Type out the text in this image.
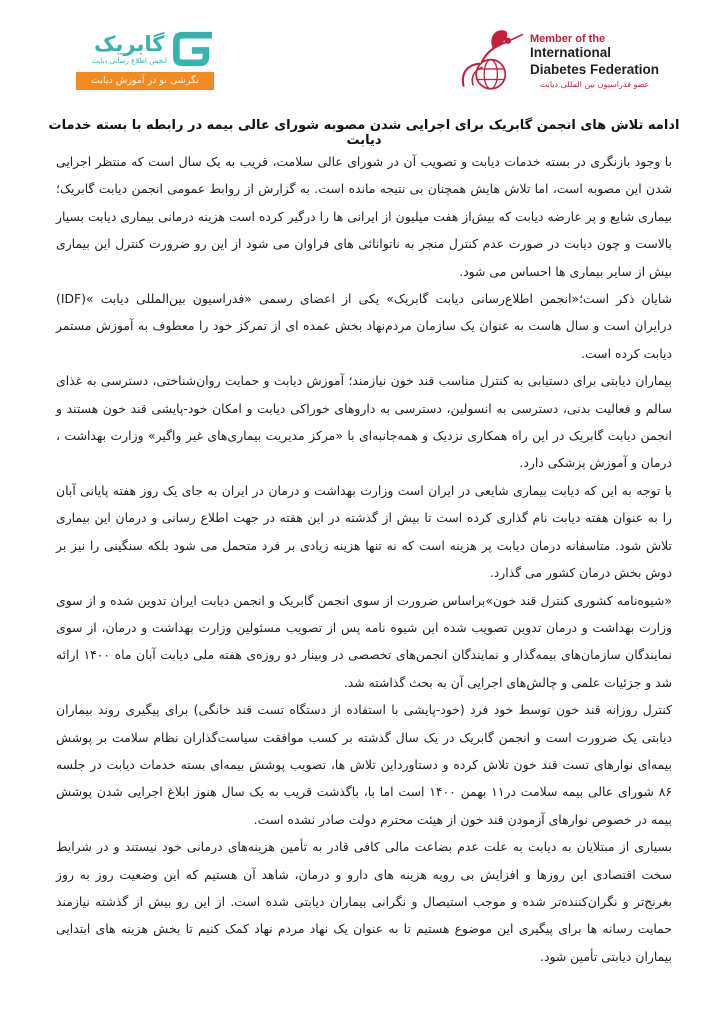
گابریک
انجمن اطلاع رسانی دیابت
نگرشی نو در آموزش دیابت
Member of the
International
Diabetes Federation
عضو فدراسیون بین المللی دیابت
ادامه تلاش های انجمن گابریک برای اجرایی شدن مصوبه شورای عالی بیمه در رابطه با بسته خدمات دیابت

با وجود بازنگری در بسته خدمات دیابت و تصویب آن در شورای عالی سلامت، قریب به یک سال است که منتظر اجرایی شدن این مصوبه است، اما تلاش هایش همچنان بی نتیجه مانده است. به گزارش از روابط عمومی انجمن دیابت گابریک؛ بیماری شایع و پر عارضه دیابت که بیش‌از هفت میلیون از ایرانی ها را درگیر کرده است هزینه درمانی بیماری دیابت بسیار بالاست و چون دیابت در صورت عدم کنترل منجر به ناتوانائی های فراوان می شود از این رو ضرورت کنترل این بیماری بیش از سایر بیماری ها احساس می شود.

شایان ذکر است؛«انجمن اطلاع‌رسانی دیابت گابریک» یکی از اعضای رسمی «فدراسیون بین‌المللی دیابت »(IDF) درایران است و سال هاست به عنوان یک سازمان مردم‌نهاد بخش عمده ای از تمرکز خود را معطوف به آموزش مستمر دیابت کرده است.

بیماران دیابتی برای دستیابی به کنترل مناسب قند خون نیازمند؛ آموزش دیابت و حمایت روان‌شناختی، دسترسی به غذای سالم و فعالیت بدنی، دسترسی به انسولین، دسترسی به داروهای خوراکی دیابت و امکان خود-پایشی قند خون هستند و انجمن دیابت گابریک در این راه همکاری نزدیک و همه‌جانبه‌ای با «مرکز مدیریت بیماری‌های غیر واگیر» وزارت بهداشت ، درمان و آموزش پزشکی دارد.

با توجه به این که دیابت بیماری شایعی در ایران است وزارت بهداشت و درمان در ایران به جای یک روز هفته پایانی آبان را به عنوان هفته دیابت نام گذاری کرده است تا بیش از گذشته در این هفته در جهت اطلاع رسانی و درمان این بیماری تلاش شود. متاسفانه درمان دیابت پر هزینه است که نه تنها هزینه زیادی بر فرد متحمل می شود بلکه سنگینی را نیز بر دوش بخش درمان کشور می گذارد.

«شیوه‌نامه کشوری کنترل قند خون»براساس ضرورت از سوی انجمن گابریک و انجمن دیابت ایران تدوین شده و از سوی وزارت بهداشت و درمان تدوین تصویب شده این شیوه نامه پس از تصویب مسئولین وزارت بهداشت و درمان، از سوی نمایندگان سازمان‌های بیمه‌گذار و نمایندگان انجمن‌های تخصصی در وبینار دو روزه‌ی هفته ملی دیابت آبان ماه ۱۴۰۰ ارائه شد و جزئیات علمی و چالش‌های اجرایی آن به بحث گذاشته شد.

کنترل روزانه قند خون توسط خود فرد (خود-پایشی با استفاده از دستگاه تست قند خانگی) برای پیگیری روند بیماران دیابتی یک ضرورت است و انجمن گابریک در یک سال گذشته بر کسب موافقت سیاست‌گذاران نظام سلامت بر پوشش بیمه‌ای نوارهای تست قند خون تلاش کرده و دستاورداین تلاش ها، تصویب پوشش بیمه‌ای بسته خدمات دیابت در جلسه ۸۶ شورای عالی بیمه سلامت در۱۱ بهمن ۱۴۰۰ است اما با، باگذشت قریب به یک سال هنوز ابلاغ اجرایی شدن پوشش بیمه در خصوص نوارهای آزمودن قند خون از هیئت محترم دولت صادر نشده است.

بسیاری از مبتلایان به دیابت به علت عدم بضاعت مالی کافی قادر به تأمین هزینه‌های درمانی خود نیستند و در شرایط سخت اقتصادی این روزها و افزایش بی رویه هزینه های دارو و درمان، شاهد آن هستیم که این وضعیت روز به روز بغرنج‌تر و نگران‌کننده‌تر شده و موجب استیصال و نگرانی بیماران دیابتی شده است. از این رو بیش از گذشته نیازمند حمایت رسانه ها برای پیگیری این موضوع هستیم تا به عنوان یک نهاد مردم نهاد کمک کنیم تا بخش هزینه های ابتدایی بیماران دیابتی تأمین شود.
